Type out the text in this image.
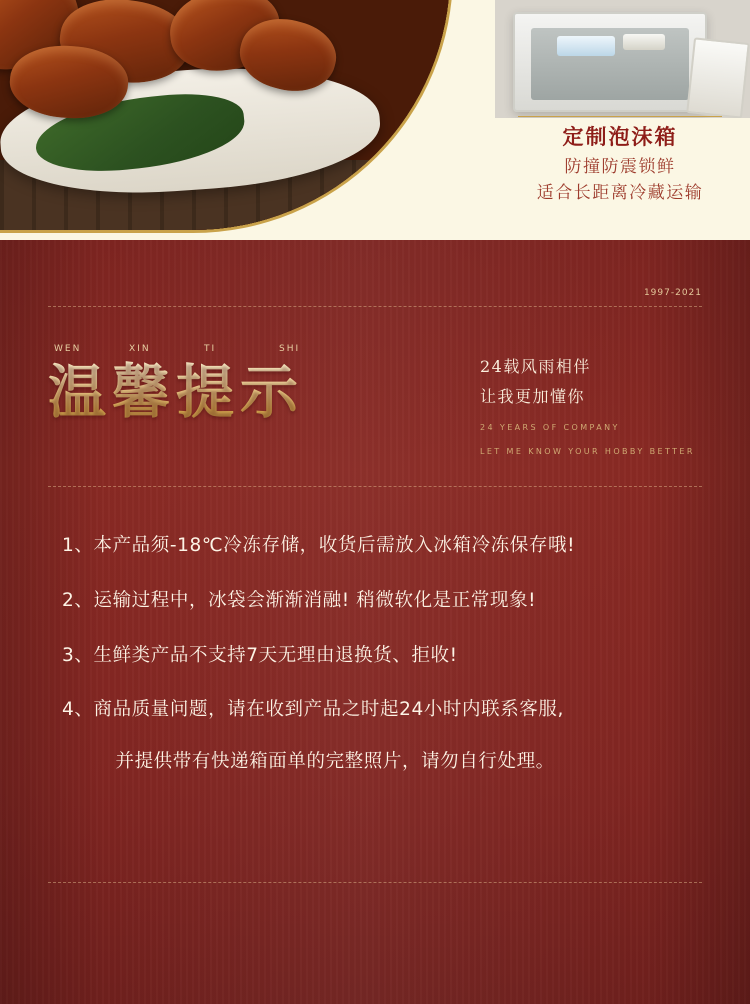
定制泡沫箱
防撞防震锁鲜
适合长距离冷藏运输
1997-2021
WEN	XIN	TI	SHI
温馨提示	24载风雨相伴
让我更加懂你
24 YEARS OF COMPANY
LET ME KNOW YOUR HOBBY BETTER
1、 本产品须-18℃冷冻存储，收货后需放入冰箱冷冻保存哦!
2、 运输过程中，冰袋会渐渐消融! 稍微软化是正常现象!
3、 生鲜类产品不支持7天无理由退换货、拒收!
4、 商品质量问题，请在收到产品之时起24小时内联系客服,
并提供带有快递箱面单的完整照片，请勿自行处理。
